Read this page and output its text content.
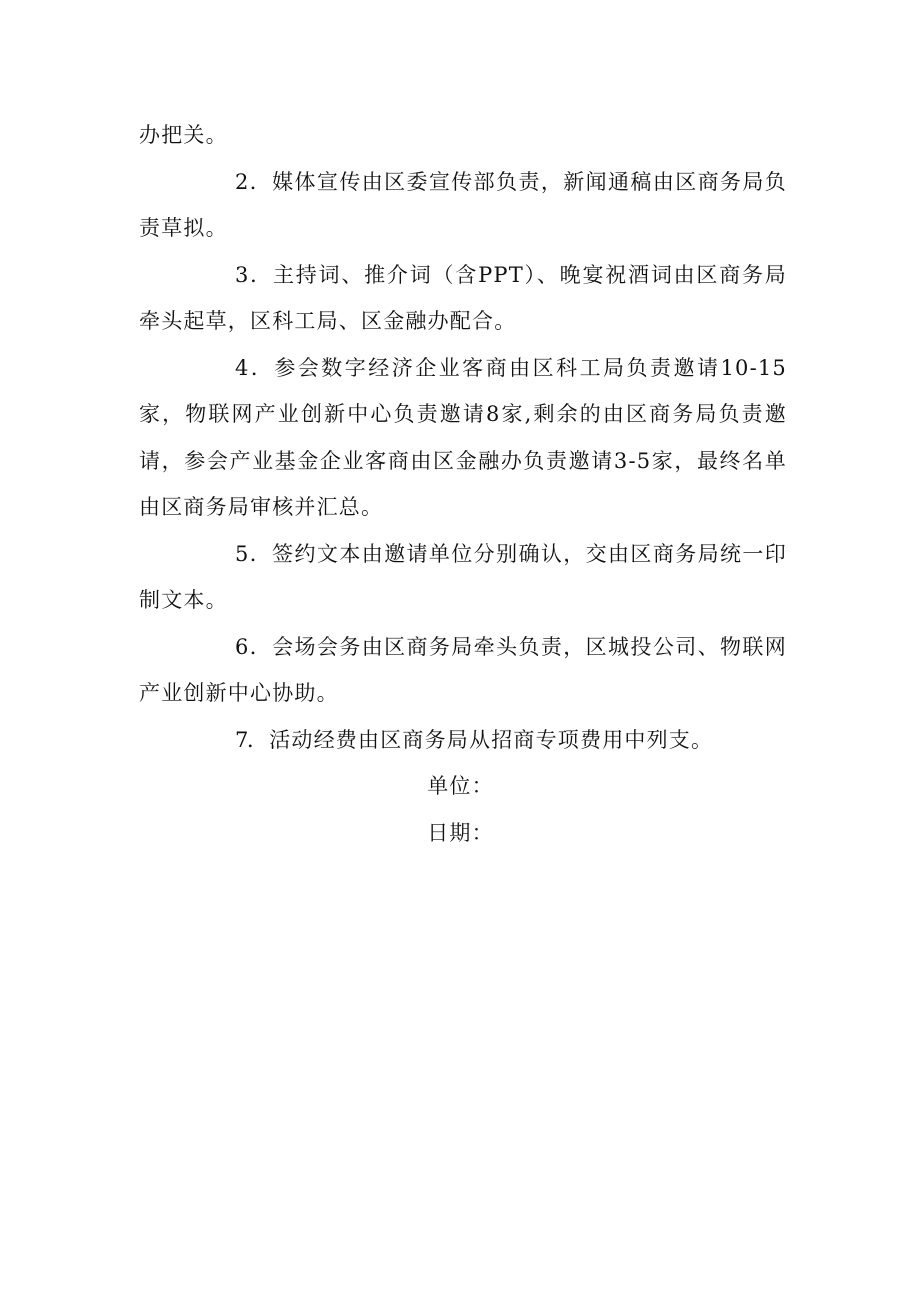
办把关。

2．媒体宣传由区委宣传部负责，新闻通稿由区商务局负责草拟。

3．主持词、推介词（含PPT）、晚宴祝酒词由区商务局牵头起草，区科工局、区金融办配合。

4．参会数字经济企业客商由区科工局负责邀请10-15家，物联网产业创新中心负责邀请8家,剩余的由区商务局负责邀请，参会产业基金企业客商由区金融办负责邀请3-5家，最终名单由区商务局审核并汇总。

5．签约文本由邀请单位分别确认，交由区商务局统一印制文本。

6．会场会务由区商务局牵头负责，区城投公司、物联网产业创新中心协助。

7．活动经费由区商务局从招商专项费用中列支。

单位：

日期：
